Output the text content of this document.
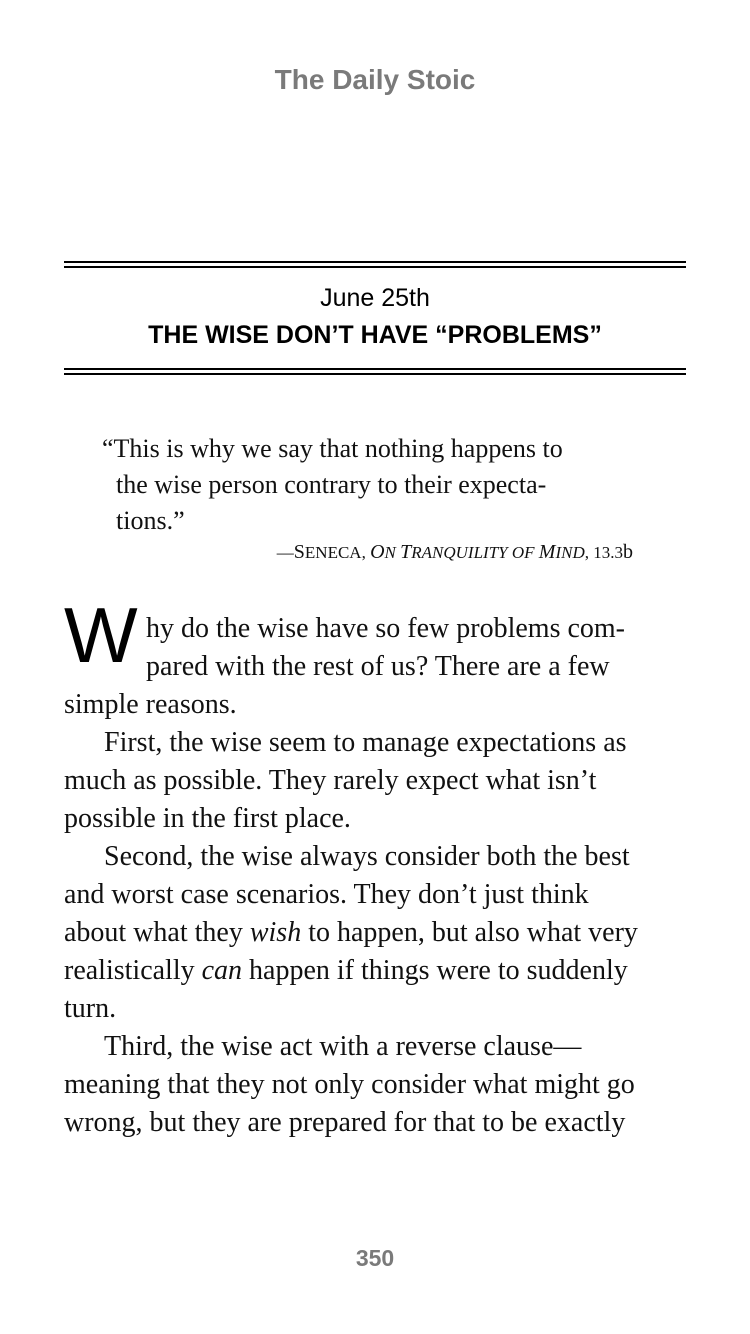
The Daily Stoic
June 25th
THE WISE DON’T HAVE “PROBLEMS”
“This is why we say that nothing happens to
the wise person contrary to their expecta-
tions.”
—SENECA, ON TRANQUILITY OF MIND, 13.3b
W hy do the wise have so few problems com-
pared with the rest of us? There are a few
simple reasons.
First, the wise seem to manage expectations as
much as possible. They rarely expect what isn’t
possible in the first place.
Second, the wise always consider both the best
and worst case scenarios. They don’t just think
about what they wish to happen, but also what very
realistically can happen if things were to suddenly
turn.
Third, the wise act with a reverse clause—
meaning that they not only consider what might go
wrong, but they are prepared for that to be exactly
350
